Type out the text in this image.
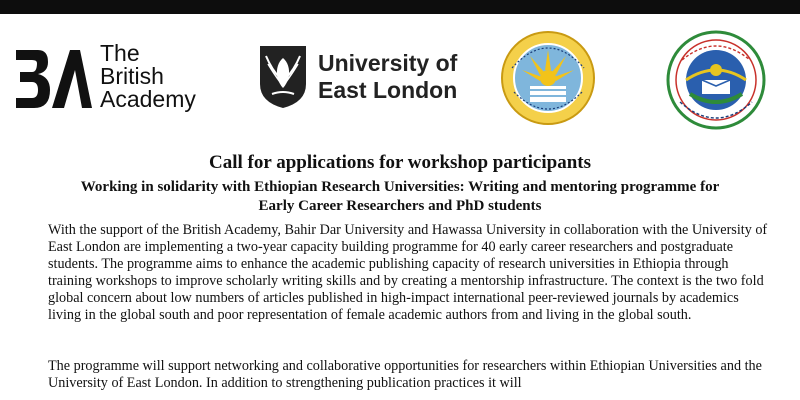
The
British
Academy
University of
East London
Call for applications for workshop participants
Working in solidarity with Ethiopian Research Universities: Writing and mentoring programme for Early Career Researchers and PhD students

With the support of the British Academy, Bahir Dar University and Hawassa University in collaboration with the University of East London are implementing a two-year capacity building programme for 40 early career researchers and postgraduate students. The programme aims to enhance the academic publishing capacity of research universities in Ethiopia through training workshops to improve scholarly writing skills and by creating a mentorship infrastructure. The context is the two fold global concern about low numbers of articles published in high-impact international peer-reviewed journals by academics living in the global south and poor representation of female academic authors from and living in the global south.

The programme will support networking and collaborative opportunities for researchers within Ethiopian Universities and the University of East London. In addition to strengthening publication practices it will
